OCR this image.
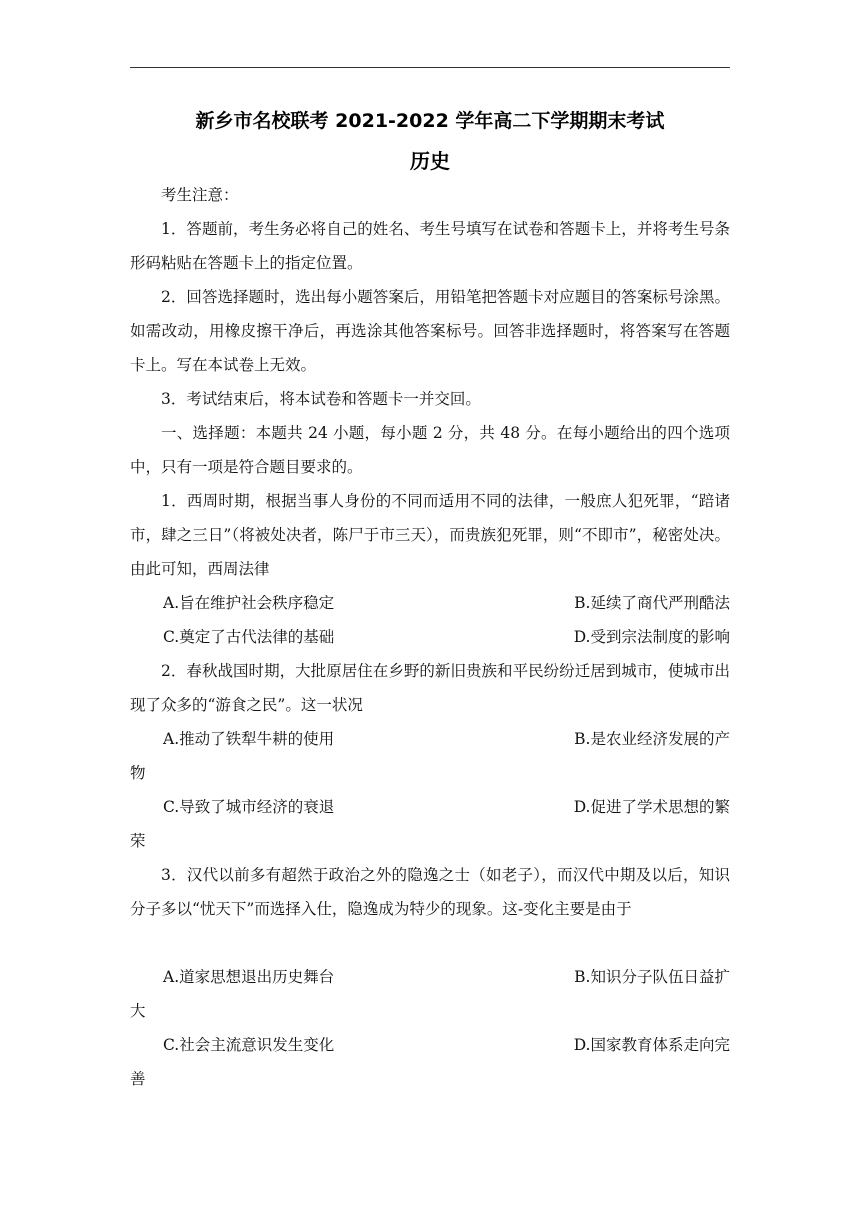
新乡市名校联考 2021-2022 学年高二下学期期末考试
历史

考生注意：

1．答题前，考生务必将自己的姓名、考生号填写在试卷和答题卡上，并将考生号条形码粘贴在答题卡上的指定位置。

2．回答选择题时，选出每小题答案后，用铅笔把答题卡对应题目的答案标号涂黑。如需改动，用橡皮擦干净后，再选涂其他答案标号。回答非选择题时，将答案写在答题卡上。写在本试卷上无效。

3．考试结束后，将本试卷和答题卡一并交回。

一、选择题：本题共 24 小题，每小题 2 分，共 48 分。在每小题给出的四个选项中，只有一项是符合题目要求的。

1．西周时期，根据当事人身份的不同而适用不同的法律，一般庶人犯死罪，“踣诸市，肆之三日”（将被处决者，陈尸于市三天），而贵族犯死罪，则“不即市”，秘密处决。由此可知，西周法律

A.旨在维护社会秩序稳定	B.延续了商代严刑酷法
C.奠定了古代法律的基础	D.受到宗法制度的影响

2．春秋战国时期，大批原居住在乡野的新旧贵族和平民纷纷迁居到城市，使城市出现了众多的“游食之民”。这一状况

A.推动了铁犁牛耕的使用	B.是农业经济发展的产
物
C.导致了城市经济的衰退	D.促进了学术思想的繁
荣

3．汉代以前多有超然于政治之外的隐逸之士（如老子），而汉代中期及以后，知识分子多以“忧天下”而选择入仕，隐逸成为特少的现象。这-变化主要是由于

A.道家思想退出历史舞台	B.知识分子队伍日益扩
大
C.社会主流意识发生变化	D.国家教育体系走向完
善
